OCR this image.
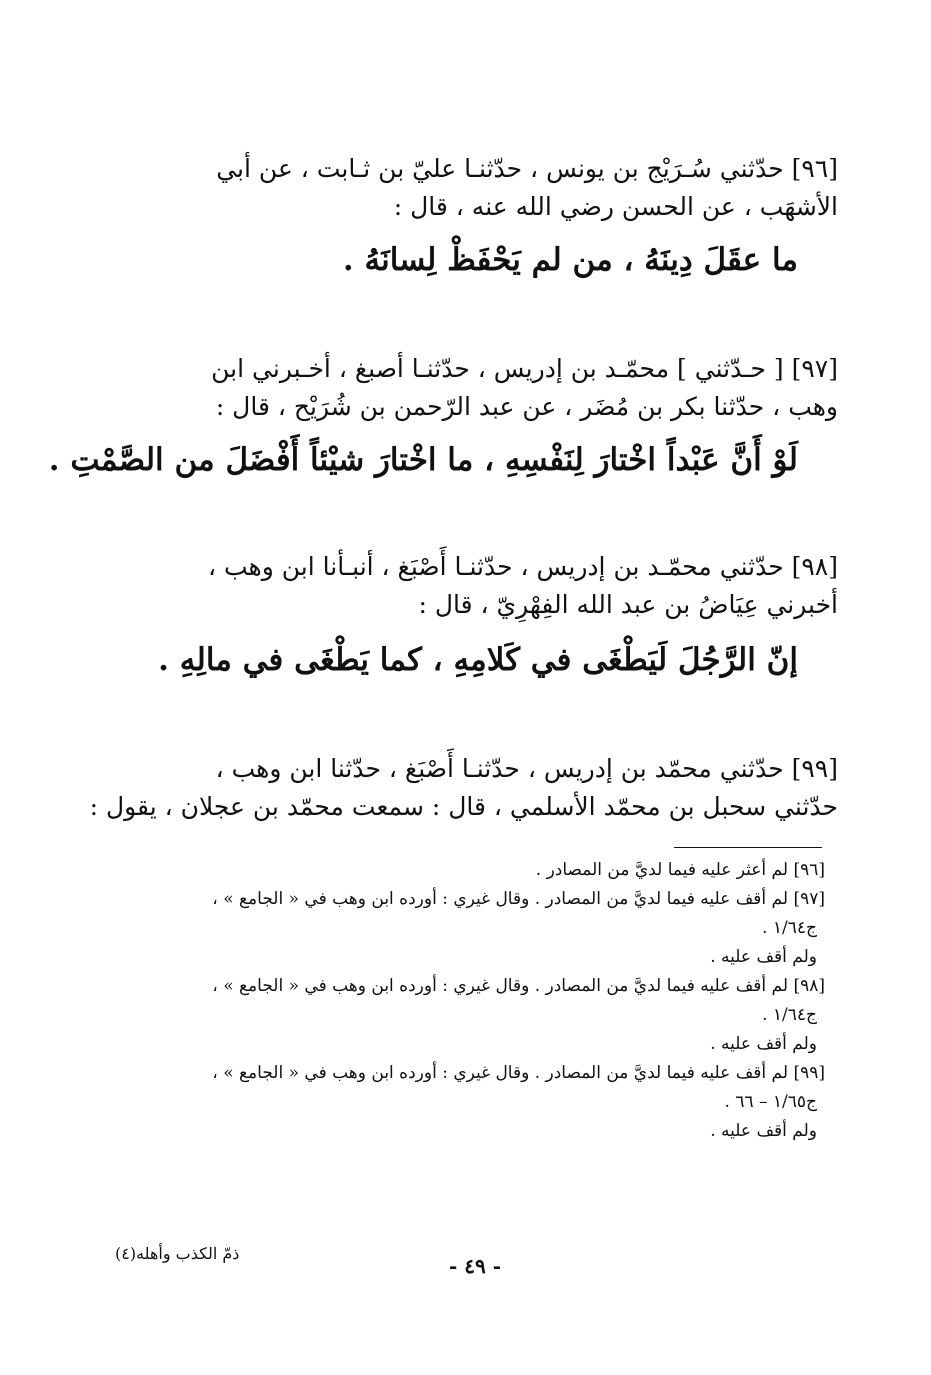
[٩٦] حدّثني سُـرَيْج بن يونس ، حدّثنـا عليّ بن ثـابت ، عن أبي
الأشهَب ، عن الحسن رضي الله عنه ، قال :
ما عقَلَ دِينَهُ ، من لم يَحْفَظْ لِسانَهُ .
[٩٧] [ حـدّثني ] محمّـد بن إدريس ، حدّثنـا أصبغ ، أخـبرني ابن
وهب ، حدّثنا بكر بن مُضَر ، عن عبد الرّحمن بن شُرَيْح ، قال :
لَوْ أَنَّ عَبْداً اخْتارَ لِنَفْسِهِ ، ما اخْتارَ شيْئاً أَفْضَلَ من الصَّمْتِ .
[٩٨] حدّثني محمّـد بن إدريس ، حدّثنـا أَصْبَغ ، أنبـأنا ابن وهب ،
أخبرني عِيَاضُ بن عبد الله الفِهْرِيّ ، قال :
إنّ الرَّجُلَ لَيَطْغَى في كَلامِهِ ، كما يَطْغَى في مالِهِ .
[٩٩] حدّثني محمّد بن إدريس ، حدّثنـا أَصْبَغ ، حدّثنا ابن وهب ،
حدّثني سحبل بن محمّد الأسلمي ، قال : سمعت محمّد بن عجلان ، يقول :
[٩٦] لم أعثر عليه فيما لديَّ من المصادر .
[٩٧] لم أقف عليه فيما لديَّ من المصادر . وقال غيري : أورده ابن وهب في « الجامع » ،
ج١/٦٤ .
ولم أقف عليه .
[٩٨] لم أقف عليه فيما لديَّ من المصادر . وقال غيري : أورده ابن وهب في « الجامع » ،
ج١/٦٤ .
ولم أقف عليه .
[٩٩] لم أقف عليه فيما لديَّ من المصادر . وقال غيري : أورده ابن وهب في « الجامع » ،
ج١/٦٥ – ٦٦ .
ولم أقف عليه .
ذمّ الكذب وأهله(٤)
- ٤٩ -
